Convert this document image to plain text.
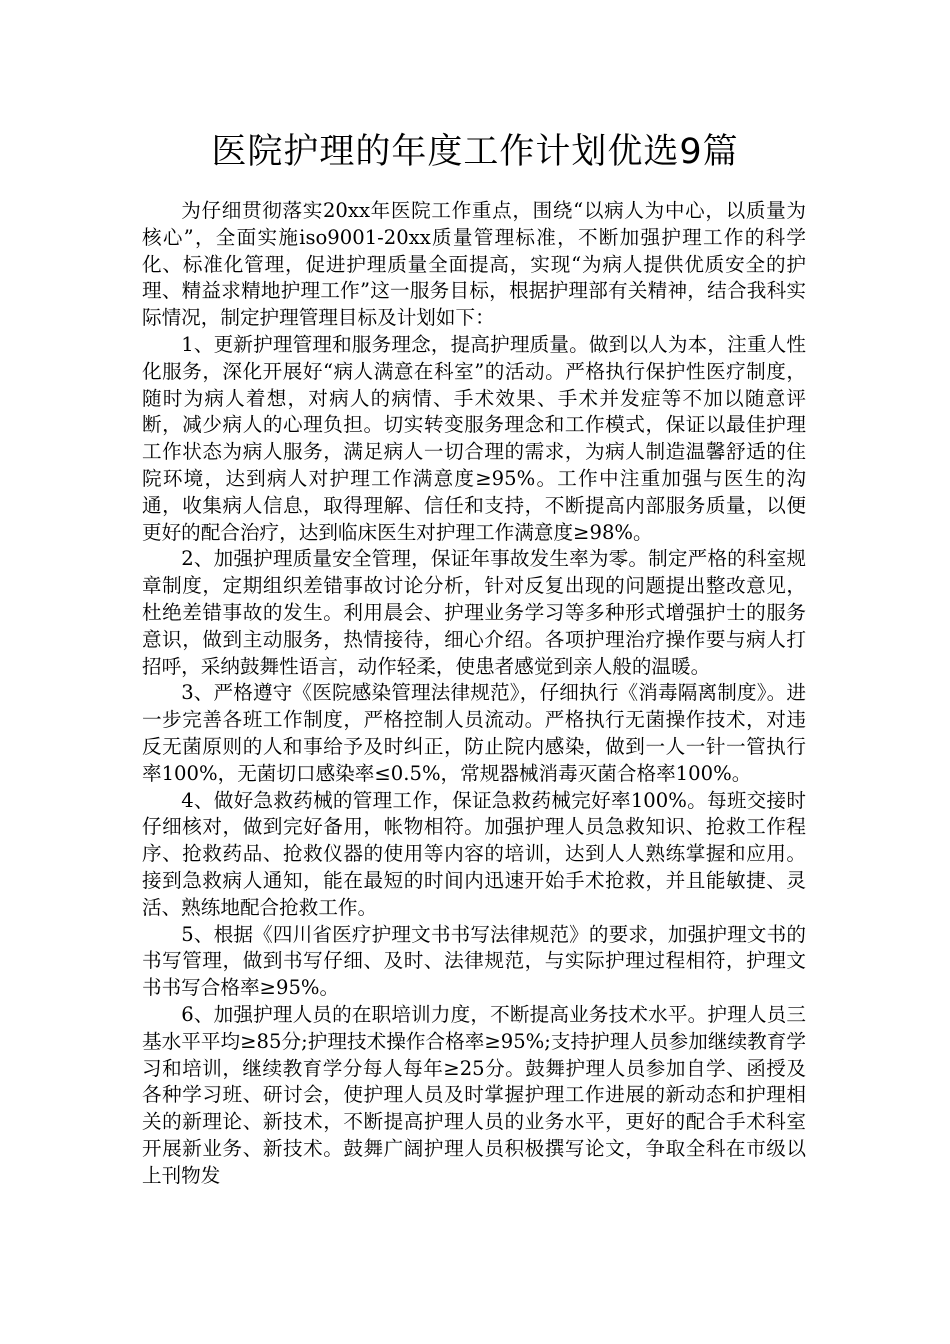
医院护理的年度工作计划优选9篇

为仔细贯彻落实20xx年医院工作重点，围绕“以病人为中心，以质量为核心”，全面实施iso9001-20xx质量管理标准，不断加强护理工作的科学化、标准化管理，促进护理质量全面提高，实现“为病人提供优质安全的护理、精益求精地护理工作”这一服务目标，根据护理部有关精神，结合我科实际情况，制定护理管理目标及计划如下：

1、更新护理管理和服务理念，提高护理质量。做到以人为本，注重人性化服务，深化开展好“病人满意在科室”的活动。严格执行保护性医疗制度，随时为病人着想，对病人的病情、手术效果、手术并发症等不加以随意评断，减少病人的心理负担。切实转变服务理念和工作模式，保证以最佳护理工作状态为病人服务，满足病人一切合理的需求，为病人制造温馨舒适的住院环境，达到病人对护理工作满意度≥95%。工作中注重加强与医生的沟通，收集病人信息，取得理解、信任和支持，不断提高内部服务质量，以便更好的配合治疗，达到临床医生对护理工作满意度≥98%。

2、加强护理质量安全管理，保证年事故发生率为零。制定严格的科室规章制度，定期组织差错事故讨论分析，针对反复出现的问题提出整改意见，杜绝差错事故的发生。利用晨会、护理业务学习等多种形式增强护士的服务意识，做到主动服务，热情接待，细心介绍。各项护理治疗操作要与病人打招呼，采纳鼓舞性语言，动作轻柔，使患者感觉到亲人般的温暖。

3、严格遵守《医院感染管理法律规范》，仔细执行《消毒隔离制度》。进一步完善各班工作制度，严格控制人员流动。严格执行无菌操作技术，对违反无菌原则的人和事给予及时纠正，防止院内感染，做到一人一针一管执行率100%，无菌切口感染率≤0.5%，常规器械消毒灭菌合格率100%。

4、做好急救药械的管理工作，保证急救药械完好率100%。每班交接时仔细核对，做到完好备用，帐物相符。加强护理人员急救知识、抢救工作程序、抢救药品、抢救仪器的使用等内容的培训，达到人人熟练掌握和应用。接到急救病人通知，能在最短的时间内迅速开始手术抢救，并且能敏捷、灵活、熟练地配合抢救工作。

5、根据《四川省医疗护理文书书写法律规范》的要求，加强护理文书的书写管理，做到书写仔细、及时、法律规范，与实际护理过程相符，护理文书书写合格率≥95%。

6、加强护理人员的在职培训力度，不断提高业务技术水平。护理人员三基水平平均≥85分;护理技术操作合格率≥95%;支持护理人员参加继续教育学习和培训，继续教育学分每人每年≥25分。鼓舞护理人员参加自学、函授及各种学习班、研讨会，使护理人员及时掌握护理工作进展的新动态和护理相关的新理论、新技术，不断提高护理人员的业务水平，更好的配合手术科室开展新业务、新技术。鼓舞广阔护理人员积极撰写论文，争取全科在市级以上刊物发
